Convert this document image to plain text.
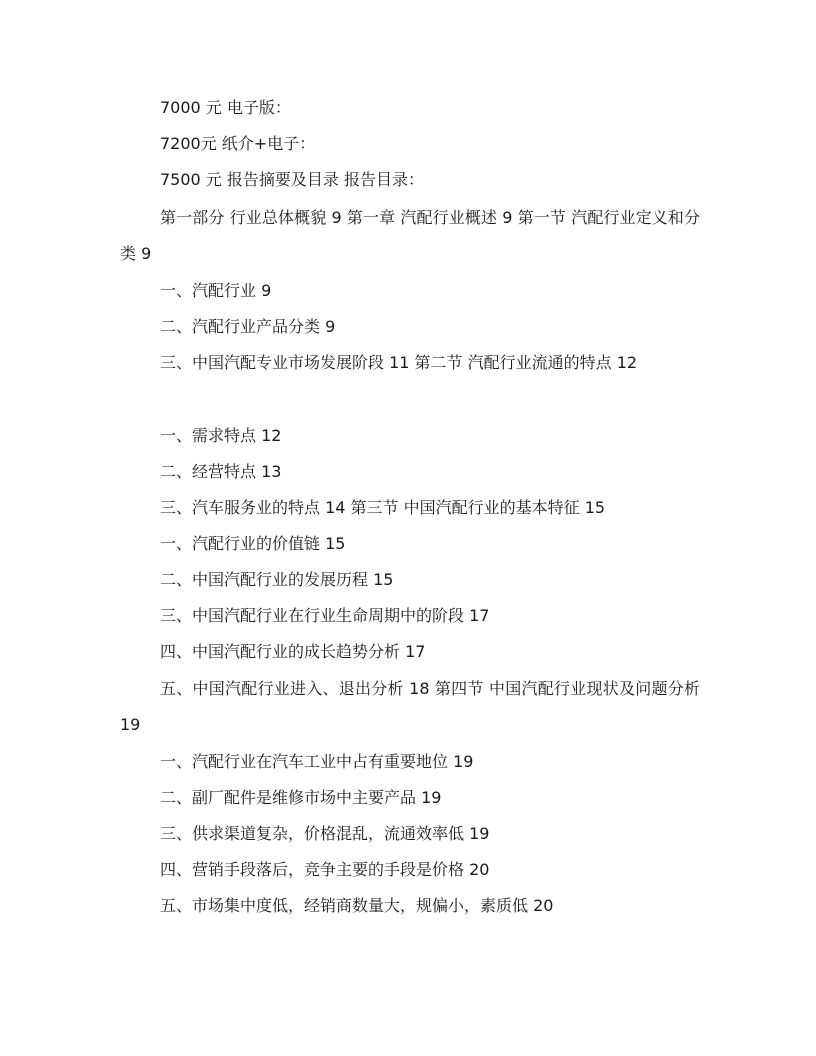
7000 元 电子版：

7200元 纸介+电子：

7500 元 报告摘要及目录 报告目录：

第一部分 行业总体概貌 9 第一章 汽配行业概述 9 第一节 汽配行业定义和分类 9

一、汽配行业 9

二、汽配行业产品分类 9

三、中国汽配专业市场发展阶段 11 第二节 汽配行业流通的特点 12

一、需求特点 12

二、经营特点 13

三、汽车服务业的特点 14 第三节 中国汽配行业的基本特征 15

一、汽配行业的价值链 15

二、中国汽配行业的发展历程 15

三、中国汽配行业在行业生命周期中的阶段 17

四、中国汽配行业的成长趋势分析 17

五、中国汽配行业进入、退出分析 18 第四节 中国汽配行业现状及问题分析 19

一、汽配行业在汽车工业中占有重要地位 19

二、副厂配件是维修市场中主要产品 19

三、供求渠道复杂，价格混乱，流通效率低 19

四、营销手段落后，竞争主要的手段是价格 20

五、市场集中度低，经销商数量大，规偏小，素质低 20
